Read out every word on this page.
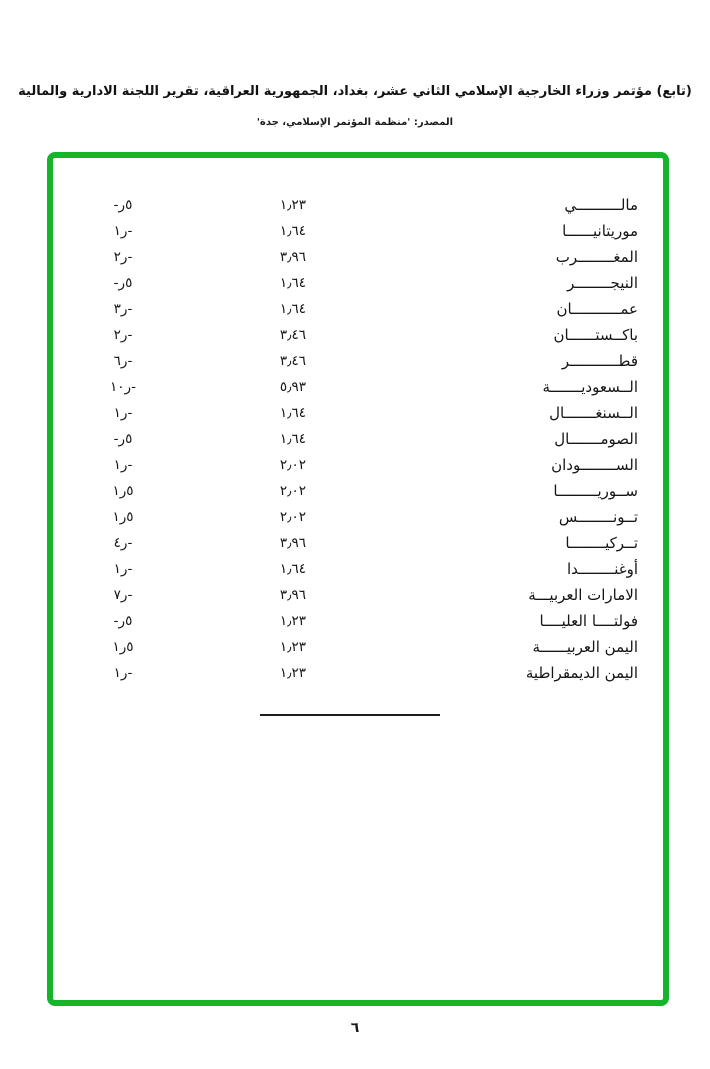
(تابع) مؤتمر وزراء الخارجية الإسلامي الثاني عشر، بغداد، الجمهورية العراقية، تقرير اللجنة الادارية والمالية
المصدر: 'منظمة المؤتمر الإسلامي، جدة'
مالــــــــــي
١٫٢٣
-ر٥
موريتانيــــــا
١٫٦٤
١ر-
المغــــــــرب
٣٫٩٦
٢ر-
النيجــــــــر
١٫٦٤
-ر٥
عمـــــــــــان
١٫٦٤
٣ر-
باكــستــــــان
٣٫٤٦
٢ر-
قطـــــــــــر
٣٫٤٦
٦ر-
الــسعوديـــــــة
٥٫٩٣
١٠ر-
الــسنغـــــــال
١٫٦٤
١ر-
الصومـــــــال
١٫٦٤
-ر٥
الســــــــودان
٢٫٠٢
١ر-
ســوريـــــــــا
٢٫٠٢
١ر٥
تــونــــــــس
٢٫٠٢
١ر٥
تــركيــــــــا
٣٫٩٦
٤ر-
أوغنــــــــدا
١٫٦٤
١ر-
الامارات العربيـــة
٣٫٩٦
٧ر-
فولتــــا العليــــا
١٫٢٣
-ر٥
اليمن العربيــــــة
١٫٢٣
١ر٥
اليمن الديمقراطية
١٫٢٣
١ر-
٦
